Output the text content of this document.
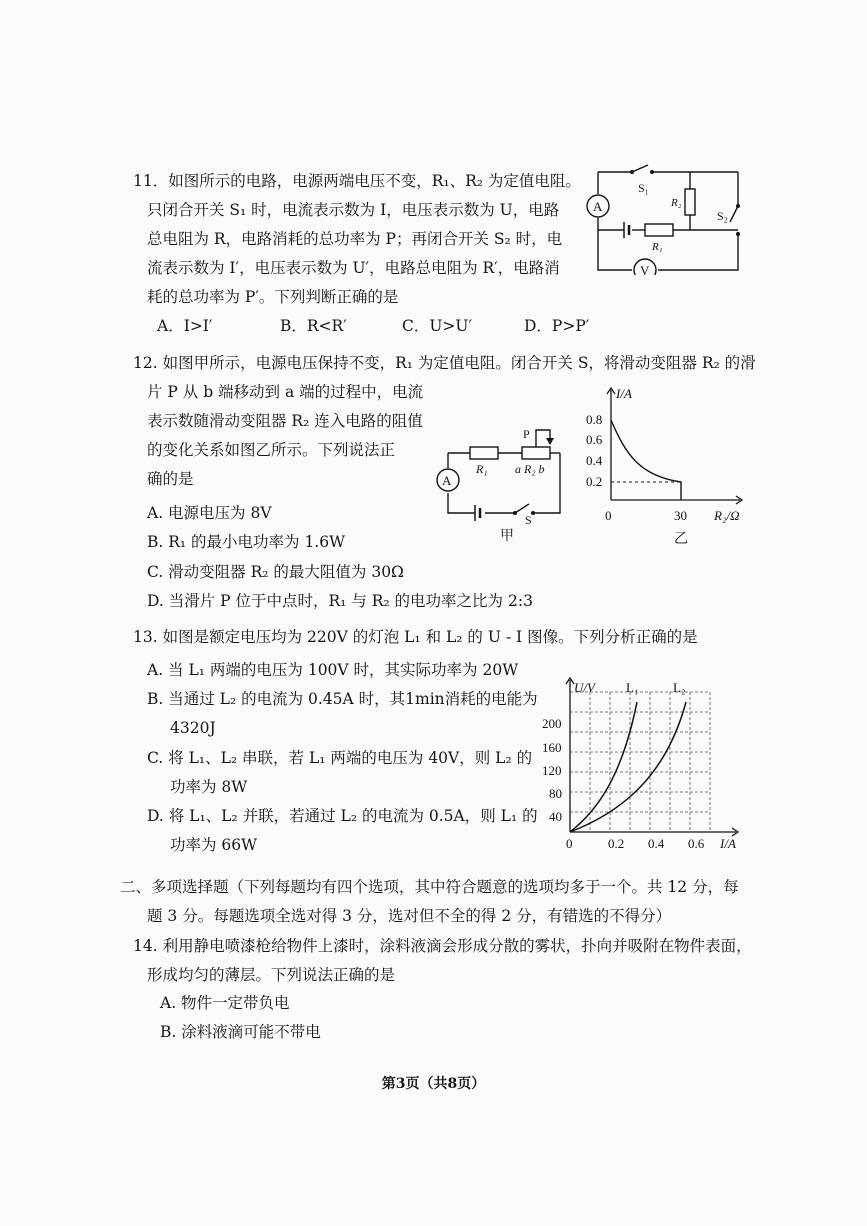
11．如图所示的电路，电源两端电压不变，R₁、R₂ 为定值电阻。
只闭合开关 S₁ 时，电流表示数为 I，电压表示数为 U，电路
总电阻为 R，电路消耗的总功率为 P；再闭合开关 S₂ 时，电
流表示数为 I′，电压表示数为 U′，电路总电阻为 R′，电路消
耗的总功率为 P′。下列判断正确的是
A．I>I′	B．R<R′	C．U>U′	D．P>P′
A
V
S₁
S₂
R₂
R₁
12. 如图甲所示，电源电压保持不变，R₁ 为定值电阻。闭合开关 S，将滑动变阻器 R₂ 的滑
片 P 从 b 端移动到 a 端的过程中，电流
表示数随滑动变阻器 R₂ 连入电路的阻值
的变化关系如图乙所示。下列说法正
确的是
A. 电源电压为 8V
B. R₁ 的最小电功率为 1.6W
C. 滑动变阻器 R₂ 的最大阻值为 30Ω
D. 当滑片 P 位于中点时，R₁ 与 R₂ 的电功率之比为 2:3
A
R₁
P
a R₂ b
S
甲
I/A
R₂/Ω
0.8
0.6
0.4
0.2
0	30
乙
13. 如图是额定电压均为 220V 的灯泡 L₁ 和 L₂ 的 U - I 图像。下列分析正确的是
A. 当 L₁ 两端的电压为 100V 时，其实际功率为 20W
B. 当通过 L₂ 的电流为 0.45A 时，其1min消耗的电能为
4320J
C. 将 L₁、L₂ 串联，若 L₁ 两端的电压为 40V，则 L₂ 的
功率为 8W
D. 将 L₁、L₂ 并联，若通过 L₂ 的电流为 0.5A，则 L₁ 的
功率为 66W
U/V
I/A
L₁	L₂
200
160
120
80
40
0	0.2 0.4 0.6
二、多项选择题（下列每题均有四个选项，其中符合题意的选项均多于一个。共 12 分，每
题 3 分。每题选项全选对得 3 分，选对但不全的得 2 分，有错选的不得分）
14. 利用静电喷漆枪给物件上漆时，涂料液滴会形成分散的雾状，扑向并吸附在物件表面，
形成均匀的薄层。下列说法正确的是
A. 物件一定带负电
B. 涂料液滴可能不带电
第3页（共8页）
